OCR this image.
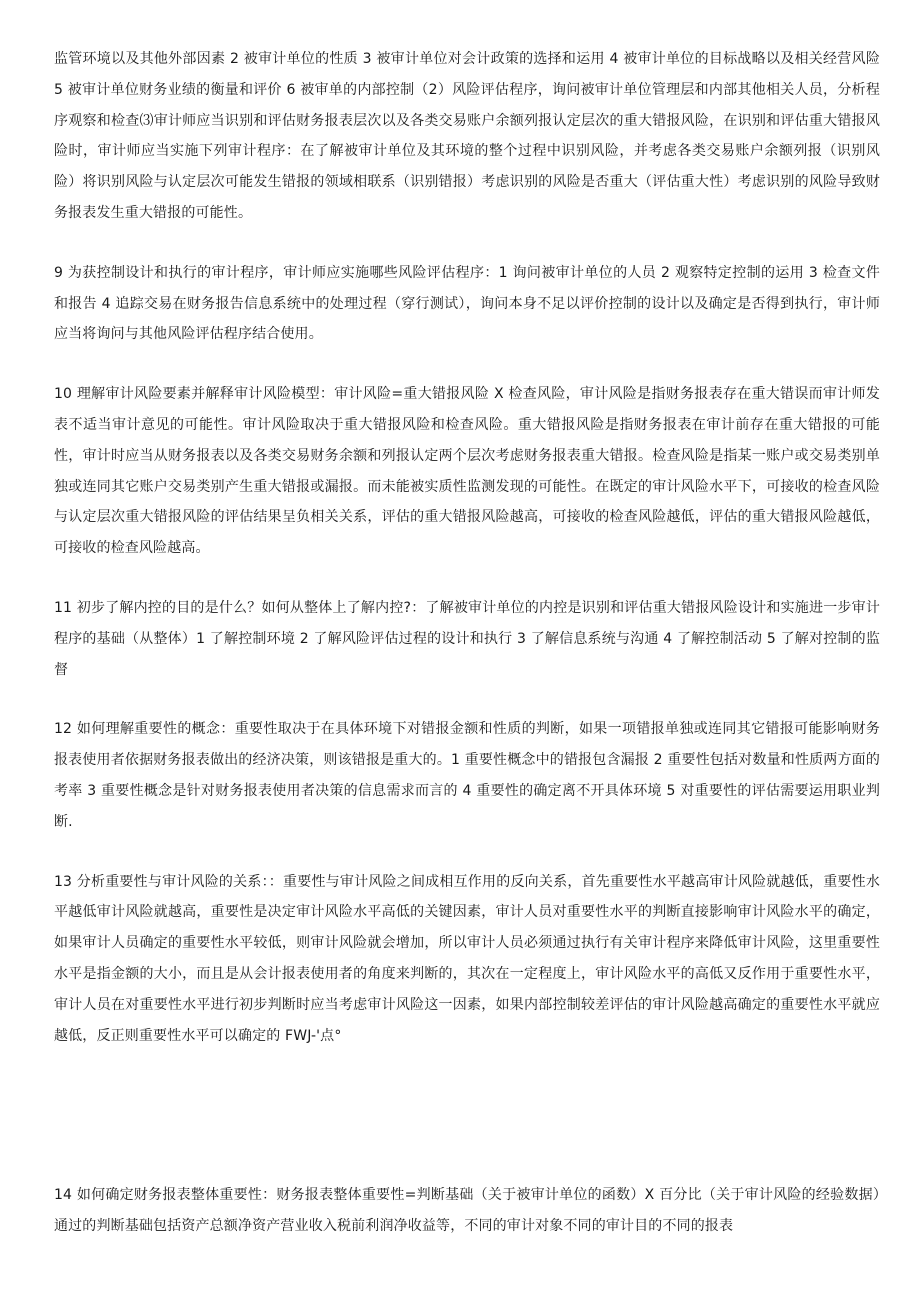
监管环境以及其他外部因素 2 被审计单位的性质 3 被审计单位对会计政策的选择和运用 4 被审计单位的目标战略以及相关经营风险 5 被审计单位财务业绩的衡量和评价 6 被审单的内部控制（2）风险评估程序，询问被审计单位管理层和内部其他相关人员，分析程序观察和检查⑶审计师应当识别和评估财务报表层次以及各类交易账户余额列报认定层次的重大错报风险，在识别和评估重大错报风险时，审计师应当实施下列审计程序：在了解被审计单位及其环境的整个过程中识别风险，并考虑各类交易账户余额列报（识别风险）将识别风险与认定层次可能发生错报的领域相联系（识别错报）考虑识别的风险是否重大（评估重大性）考虑识别的风险导致财务报表发生重大错报的可能性。

9 为获控制设计和执行的审计程序，审计师应实施哪些风险评估程序：1 询问被审计单位的人员 2 观察特定控制的运用 3 检查文件和报告 4 追踪交易在财务报告信息系统中的处理过程（穿行测试），询问本身不足以评价控制的设计以及确定是否得到执行，审计师应当将询问与其他风险评估程序结合使用。

10 理解审计风险要素并解释审计风险模型：审计风险=重大错报风险 X 检查风险，审计风险是指财务报表存在重大错误而审计师发表不适当审计意见的可能性。审计风险取决于重大错报风险和检查风险。重大错报风险是指财务报表在审计前存在重大错报的可能性，审计时应当从财务报表以及各类交易财务余额和列报认定两个层次考虑财务报表重大错报。检查风险是指某一账户或交易类别单独或连同其它账户交易类别产生重大错报或漏报。而未能被实质性监测发现的可能性。在既定的审计风险水平下，可接收的检查风险与认定层次重大错报风险的评估结果呈负相关关系，评估的重大错报风险越高，可接收的检查风险越低，评估的重大错报风险越低，可接收的检查风险越高。

11 初步了解内控的目的是什么？如何从整体上了解内控?：了解被审计单位的内控是识别和评估重大错报风险设计和实施进一步审计程序的基础（从整体）1 了解控制环境 2 了解风险评估过程的设计和执行 3 了解信息系统与沟通 4 了解控制活动 5 了解对控制的监督

12 如何理解重要性的概念：重要性取决于在具体环境下对错报金额和性质的判断，如果一项错报单独或连同其它错报可能影响财务报表使用者依据财务报表做出的经济决策，则该错报是重大的。1 重要性概念中的错报包含漏报 2 重要性包括对数量和性质两方面的考率 3 重要性概念是针对财务报表使用者决策的信息需求而言的 4 重要性的确定离不开具体环境 5 对重要性的评估需要运用职业判断.

13 分析重要性与审计风险的关系：：重要性与审计风险之间成相互作用的反向关系，首先重要性水平越高审计风险就越低，重要性水平越低审计风险就越高，重要性是决定审计风险水平高低的关键因素，审计人员对重要性水平的判断直接影响审计风险水平的确定，如果审计人员确定的重要性水平较低，则审计风险就会增加，所以审计人员必须通过执行有关审计程序来降低审计风险，这里重要性水平是指金额的大小，而且是从会计报表使用者的角度来判断的，其次在一定程度上，审计风险水平的高低又反作用于重要性水平，审计人员在对重要性水平进行初步判断时应当考虑审计风险这一因素，如果内部控制较差评估的审计风险越高确定的重要性水平就应越低，反正则重要性水平可以确定的 FWJ-'点°

14 如何确定财务报表整体重要性：财务报表整体重要性=判断基础（关于被审计单位的函数）X 百分比（关于审计风险的经验数据）通过的判断基础包括资产总额净资产营业收入税前利润净收益等，不同的审计对象不同的审计目的不同的报表
